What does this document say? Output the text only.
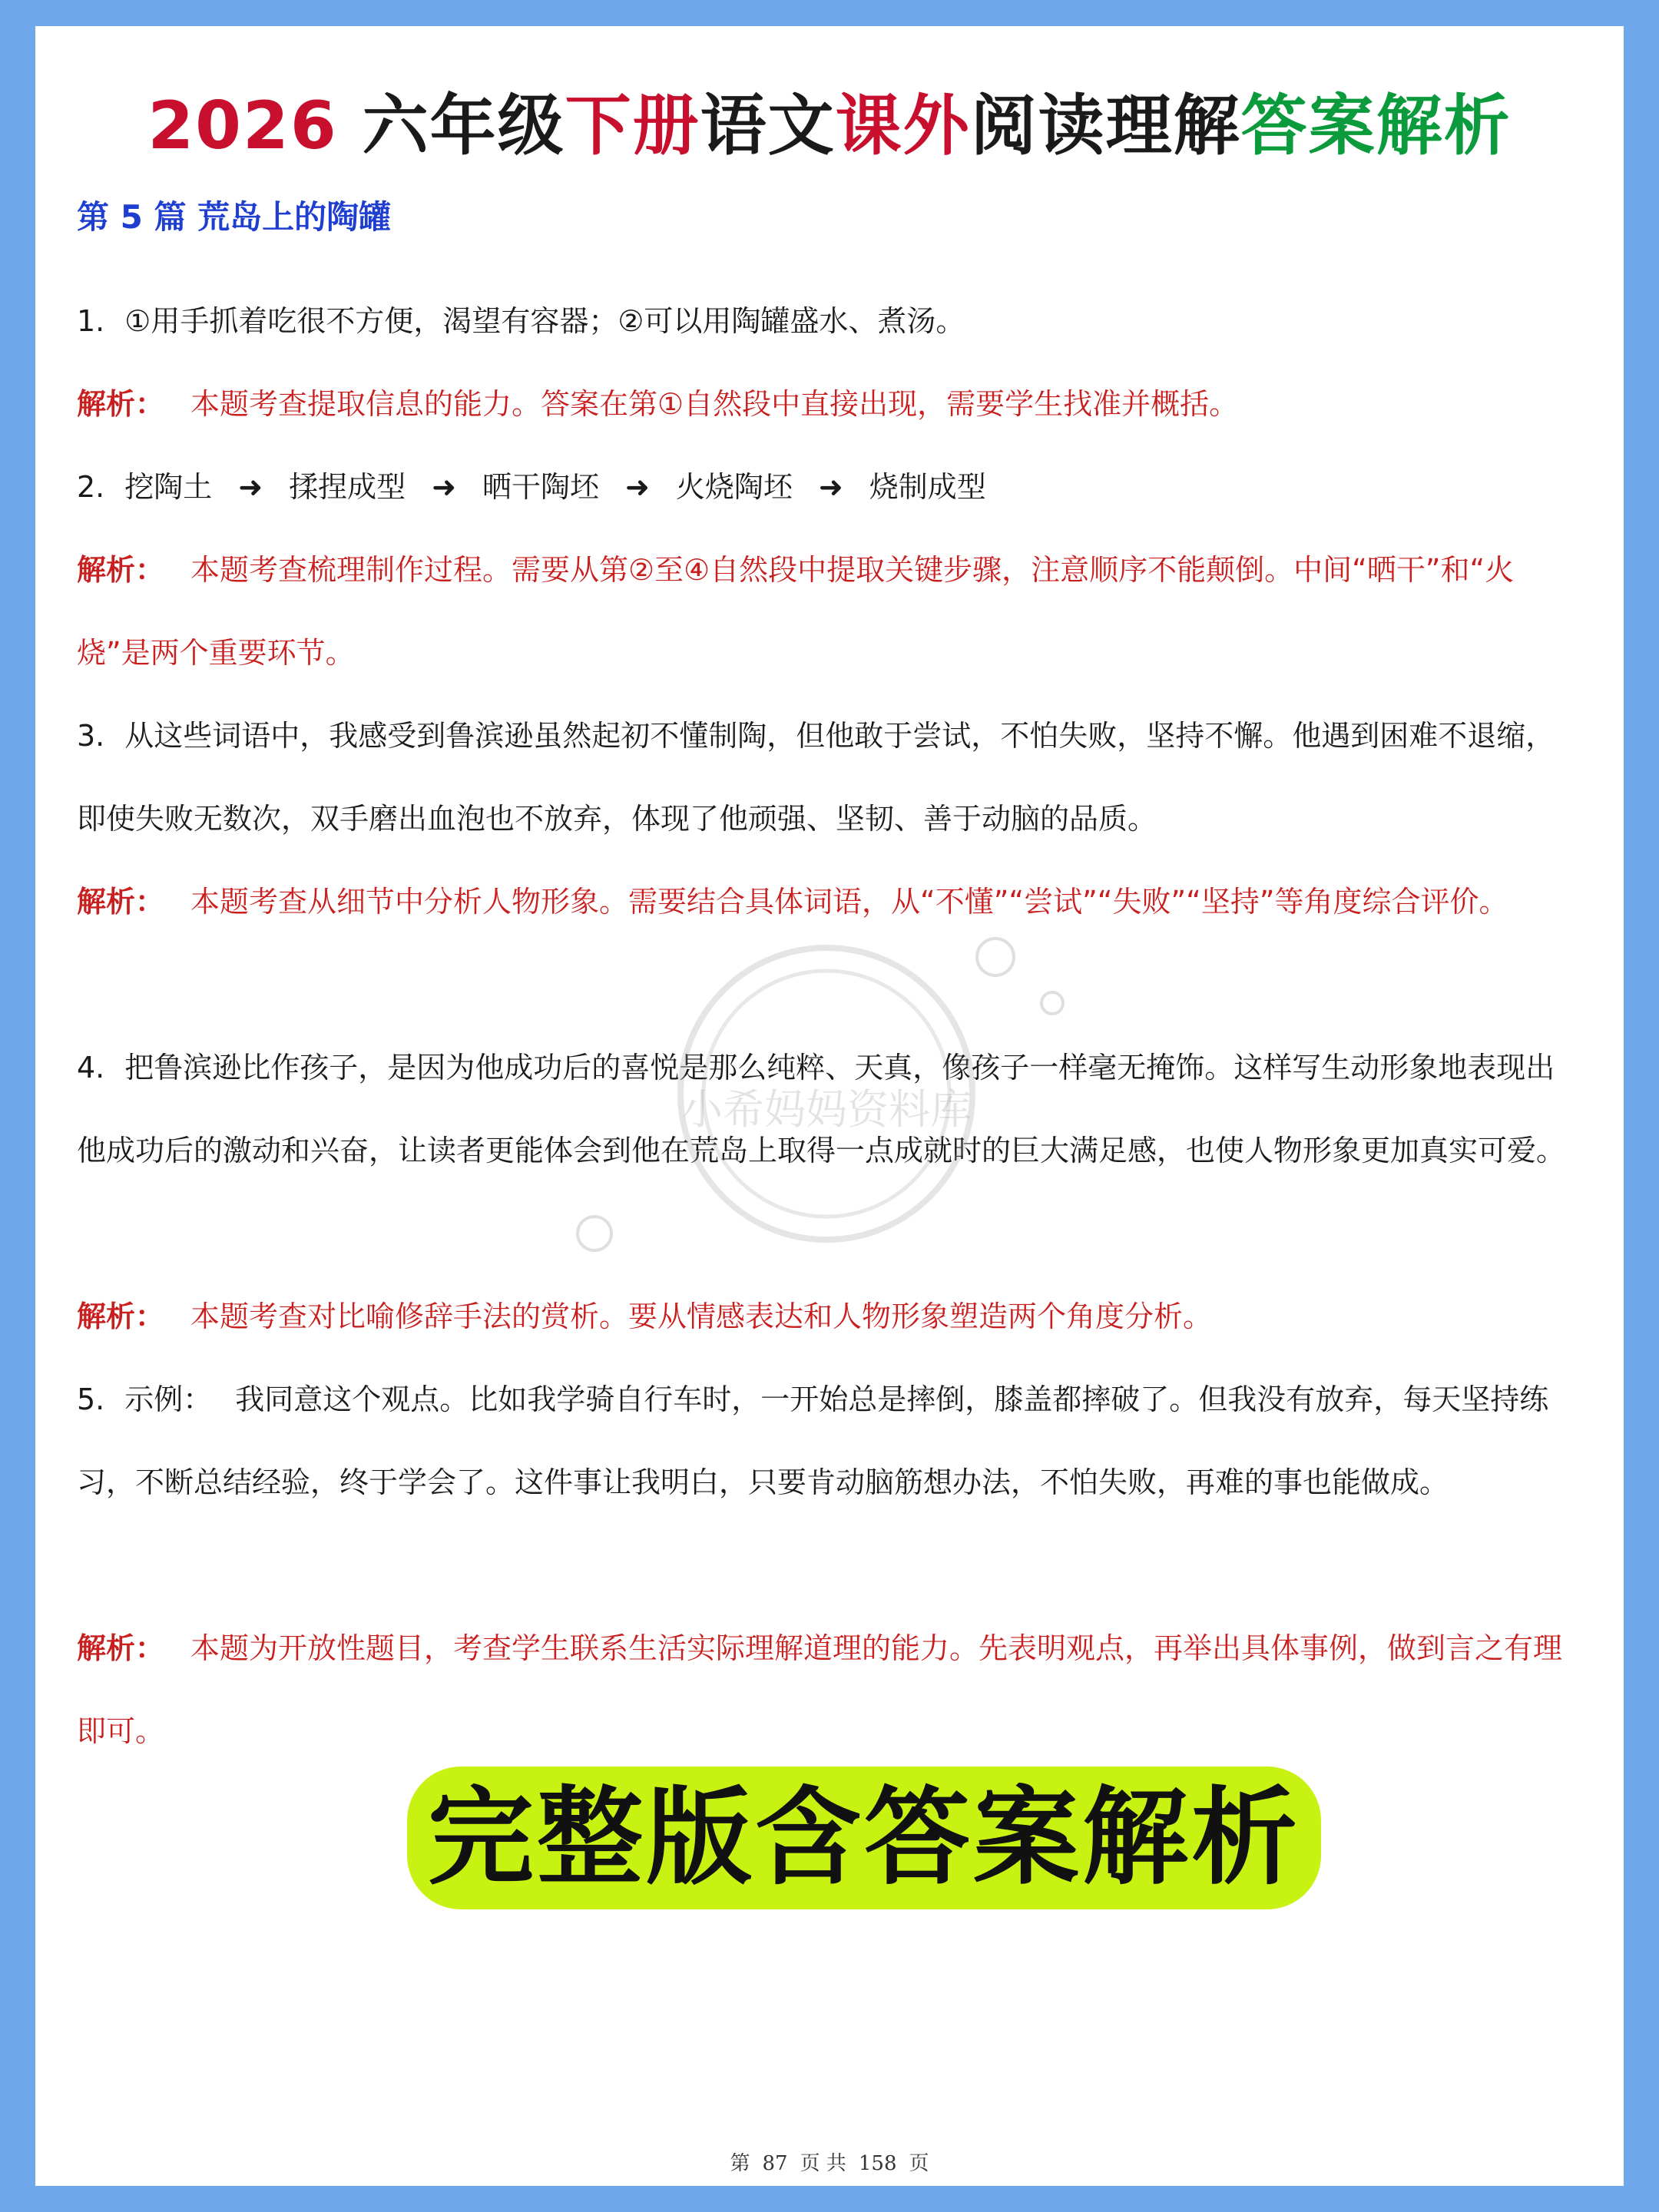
2026 六年级下册语文课外阅读理解答案解析
第 5 篇 荒岛上的陶罐
1. ①用手抓着吃很不方便，渴望有容器；②可以用陶罐盛水、煮汤。
解析： 本题考查提取信息的能力。答案在第①自然段中直接出现，需要学生找准并概括。
2. 挖陶土 ➜ 揉捏成型 ➜ 晒干陶坯 ➜ 火烧陶坯 ➜ 烧制成型
解析： 本题考查梳理制作过程。需要从第②至④自然段中提取关键步骤，注意顺序不能颠倒。中间“晒干”和“火烧”是两个重要环节。
3. 从这些词语中，我感受到鲁滨逊虽然起初不懂制陶，但他敢于尝试，不怕失败，坚持不懈。他遇到困难不退缩，即使失败无数次，双手磨出血泡也不放弃，体现了他顽强、坚韧、善于动脑的品质。
解析： 本题考查从细节中分析人物形象。需要结合具体词语，从“不懂”“尝试”“失败”“坚持”等角度综合评价。
4. 把鲁滨逊比作孩子，是因为他成功后的喜悦是那么纯粹、天真，像孩子一样毫无掩饰。这样写生动形象地表现出他成功后的激动和兴奋，让读者更能体会到他在荒岛上取得一点成就时的巨大满足感，也使人物形象更加真实可爱。
解析： 本题考查对比喻修辞手法的赏析。要从情感表达和人物形象塑造两个角度分析。
5. 示例： 我同意这个观点。比如我学骑自行车时，一开始总是摔倒，膝盖都摔破了。但我没有放弃，每天坚持练习，不断总结经验，终于学会了。这件事让我明白，只要肯动脑筋想办法，不怕失败，再难的事也能做成。
解析： 本题为开放性题目，考查学生联系生活实际理解道理的能力。先表明观点，再举出具体事例，做到言之有理即可。
小希妈妈资料库
完整版含答案解析
第 87 页 共 158 页
